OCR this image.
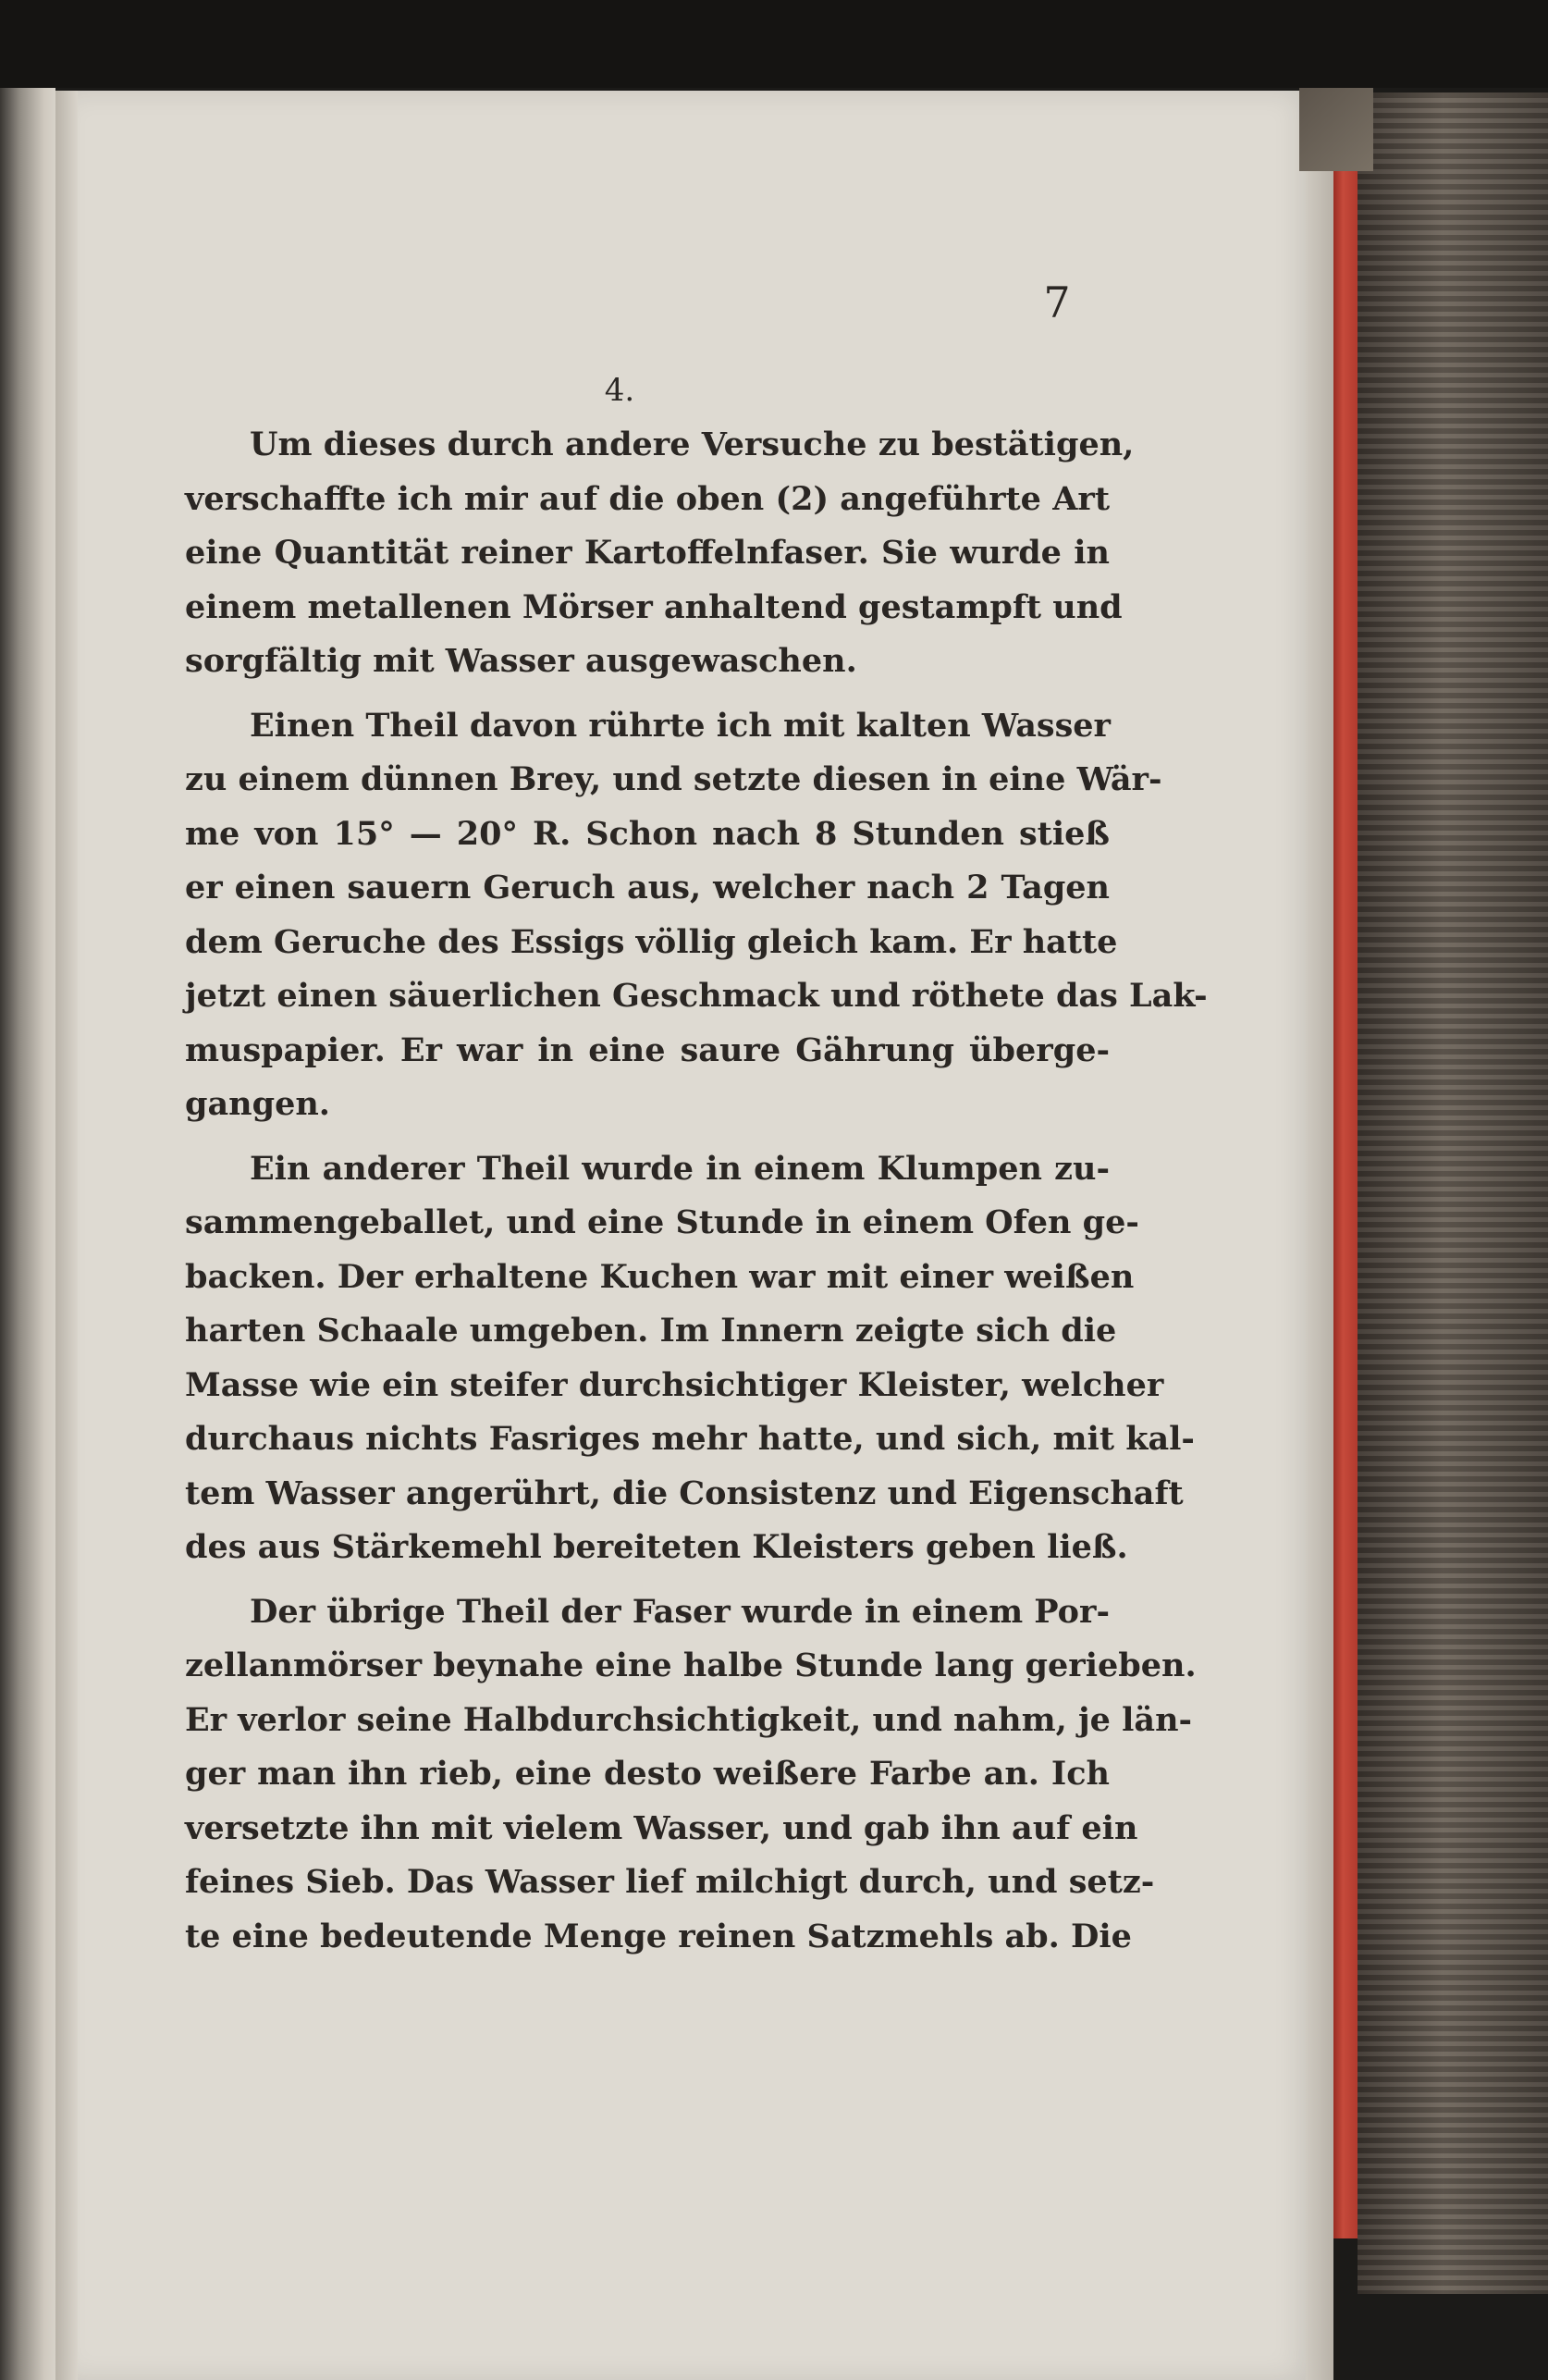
7
4.

Um dieses durch andere Versuche zu bestätigen,
verschaffte ich mir auf die oben (2) angeführte Art
eine Quantität reiner Kartoffelnfaser. Sie wurde in
einem metallenen Mörser anhaltend gestampft und
sorgfältig mit Wasser ausgewaschen.

Einen Theil davon rührte ich mit kalten Wasser
zu einem dünnen Brey, und setzte diesen in eine Wär-
me von 15° — 20° R. Schon nach 8 Stunden stieß
er einen sauern Geruch aus, welcher nach 2 Tagen
dem Geruche des Essigs völlig gleich kam. Er hatte
jetzt einen säuerlichen Geschmack und röthete das Lak-
muspapier. Er war in eine saure Gährung überge-
gangen.

Ein anderer Theil wurde in einem Klumpen zu-
sammengeballet, und eine Stunde in einem Ofen ge-
backen. Der erhaltene Kuchen war mit einer weißen
harten Schaale umgeben. Im Innern zeigte sich die
Masse wie ein steifer durchsichtiger Kleister, welcher
durchaus nichts Fasriges mehr hatte, und sich, mit kal-
tem Wasser angerührt, die Consistenz und Eigenschaft
des aus Stärkemehl bereiteten Kleisters geben ließ.

Der übrige Theil der Faser wurde in einem Por-
zellanmörser beynahe eine halbe Stunde lang gerieben.
Er verlor seine Halbdurchsichtigkeit, und nahm, je län-
ger man ihn rieb, eine desto weißere Farbe an. Ich
versetzte ihn mit vielem Wasser, und gab ihn auf ein
feines Sieb. Das Wasser lief milchigt durch, und setz-
te eine bedeutende Menge reinen Satzmehls ab. Die
